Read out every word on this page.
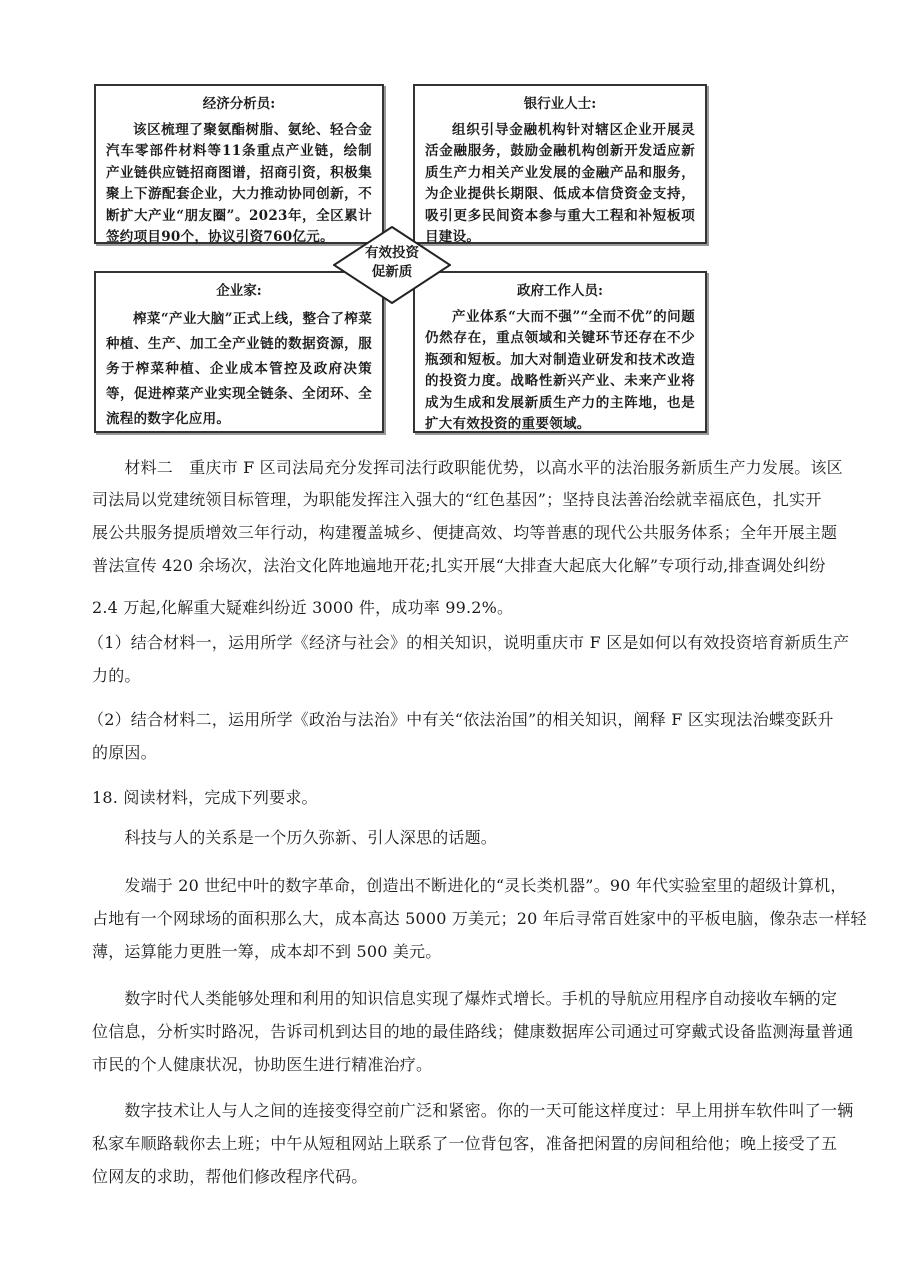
经济分析员:
该区梳理了聚氨酯树脂、氨纶、轻合金汽车零部件材料等11条重点产业链，绘制产业链供应链招商图谱，招商引资，积极集聚上下游配套企业，大力推动协同创新，不断扩大产业“朋友圈”。2023年，全区累计签约项目90个，协议引资760亿元。
银行业人士:
组织引导金融机构针对辖区企业开展灵活金融服务，鼓励金融机构创新开发适应新质生产力相关产业发展的金融产品和服务，为企业提供长期限、低成本信贷资金支持，吸引更多民间资本参与重大工程和补短板项目建设。
企业家:
榨菜“产业大脑”正式上线，整合了榨菜种植、生产、加工全产业链的数据资源，服务于榨菜种植、企业成本管控及政府决策等，促进榨菜产业实现全链条、全闭环、全流程的数字化应用。
政府工作人员:
产业体系“大而不强”“全而不优”的问题仍然存在，重点领域和关键环节还存在不少瓶颈和短板。加大对制造业研发和技术改造的投资力度。战略性新兴产业、未来产业将成为生成和发展新质生产力的主阵地，也是扩大有效投资的重要领域。
有效投资
促新质
　　材料二　重庆市 F 区司法局充分发挥司法行政职能优势，以高水平的法治服务新质生产力发展。该区
司法局以党建统领目标管理，为职能发挥注入强大的“红色基因”；坚持良法善治绘就幸福底色，扎实开
展公共服务提质增效三年行动，构建覆盖城乡、便捷高效、均等普惠的现代公共服务体系；全年开展主题
普法宣传 420 余场次，法治文化阵地遍地开花;扎实开展“大排查大起底大化解”专项行动,排查调处纠纷
2.4 万起,化解重大疑难纠纷近 3000 件，成功率 99.2%。
（1）结合材料一，运用所学《经济与社会》的相关知识，说明重庆市 F 区是如何以有效投资培育新质生产
力的。
（2）结合材料二，运用所学《政治与法治》中有关“依法治国”的相关知识，阐释 F 区实现法治蝶变跃升
的原因。
18. 阅读材料，完成下列要求。
　　科技与人的关系是一个历久弥新、引人深思的话题。
　　发端于 20 世纪中叶的数字革命，创造出不断进化的“灵长类机器”。90 年代实验室里的超级计算机，
占地有一个网球场的面积那么大，成本高达 5000 万美元；20 年后寻常百姓家中的平板电脑，像杂志一样轻
薄，运算能力更胜一筹，成本却不到 500 美元。
　　数字时代人类能够处理和利用的知识信息实现了爆炸式增长。手机的导航应用程序自动接收车辆的定
位信息，分析实时路况，告诉司机到达目的地的最佳路线；健康数据库公司通过可穿戴式设备监测海量普通
市民的个人健康状况，协助医生进行精准治疗。
　　数字技术让人与人之间的连接变得空前广泛和紧密。你的一天可能这样度过：早上用拼车软件叫了一辆
私家车顺路载你去上班；中午从短租网站上联系了一位背包客，准备把闲置的房间租给他；晚上接受了五
位网友的求助，帮他们修改程序代码。
